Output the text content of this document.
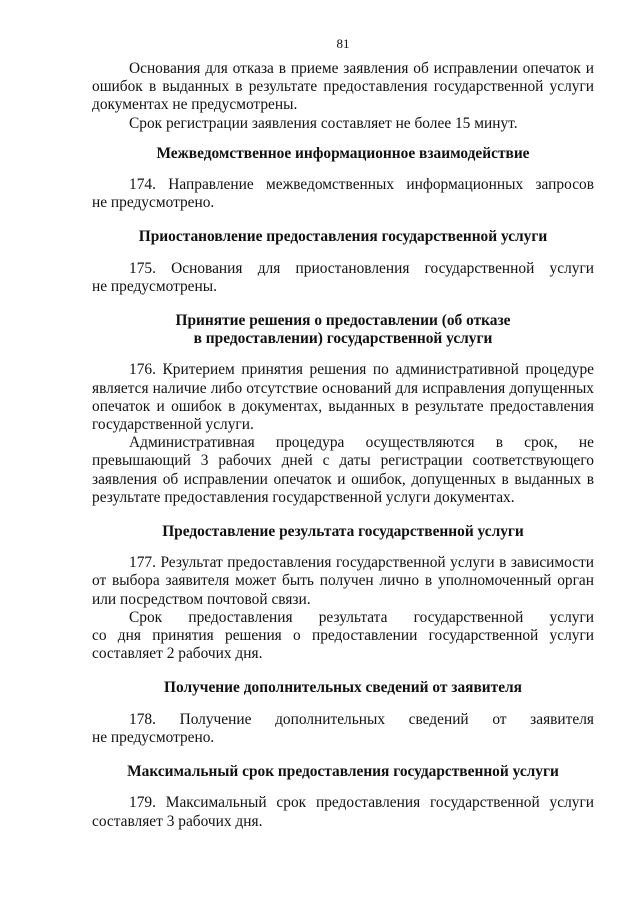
81

Основания для отказа в приеме заявления об исправлении опечаток и ошибок в выданных в результате предоставления государственной услуги документах не предусмотрены.

Срок регистрации заявления составляет не более 15 минут.

Межведомственное информационное взаимодействие

174. Направление межведомственных информационных запросов

не предусмотрено.

Приостановление предоставления государственной услуги

175. Основания для приостановления государственной услуги

не предусмотрены.

Принятие решения о предоставлении (об отказе
в предоставлении) государственной услуги

176. Критерием принятия решения по административной процедуре является наличие либо отсутствие оснований для исправления допущенных опечаток и ошибок в документах, выданных в результате предоставления государственной услуги.

Административная процедура осуществляются в срок, не превышающий 3 рабочих дней с даты регистрации соответствующего заявления об исправлении опечаток и ошибок, допущенных в выданных в результате предоставления государственной услуги документах.

Предоставление результата государственной услуги

177. Результат предоставления государственной услуги в зависимости от выбора заявителя может быть получен лично в уполномоченный орган или посредством почтовой связи.

Срок предоставления результата государственной услуги

со дня принятия решения о предоставлении государственной услуги

составляет 2 рабочих дня.

Получение дополнительных сведений от заявителя

178. Получение дополнительных сведений от заявителя

не предусмотрено.

Максимальный срок предоставления государственной услуги

179. Максимальный срок предоставления государственной услуги составляет 3 рабочих дня.
